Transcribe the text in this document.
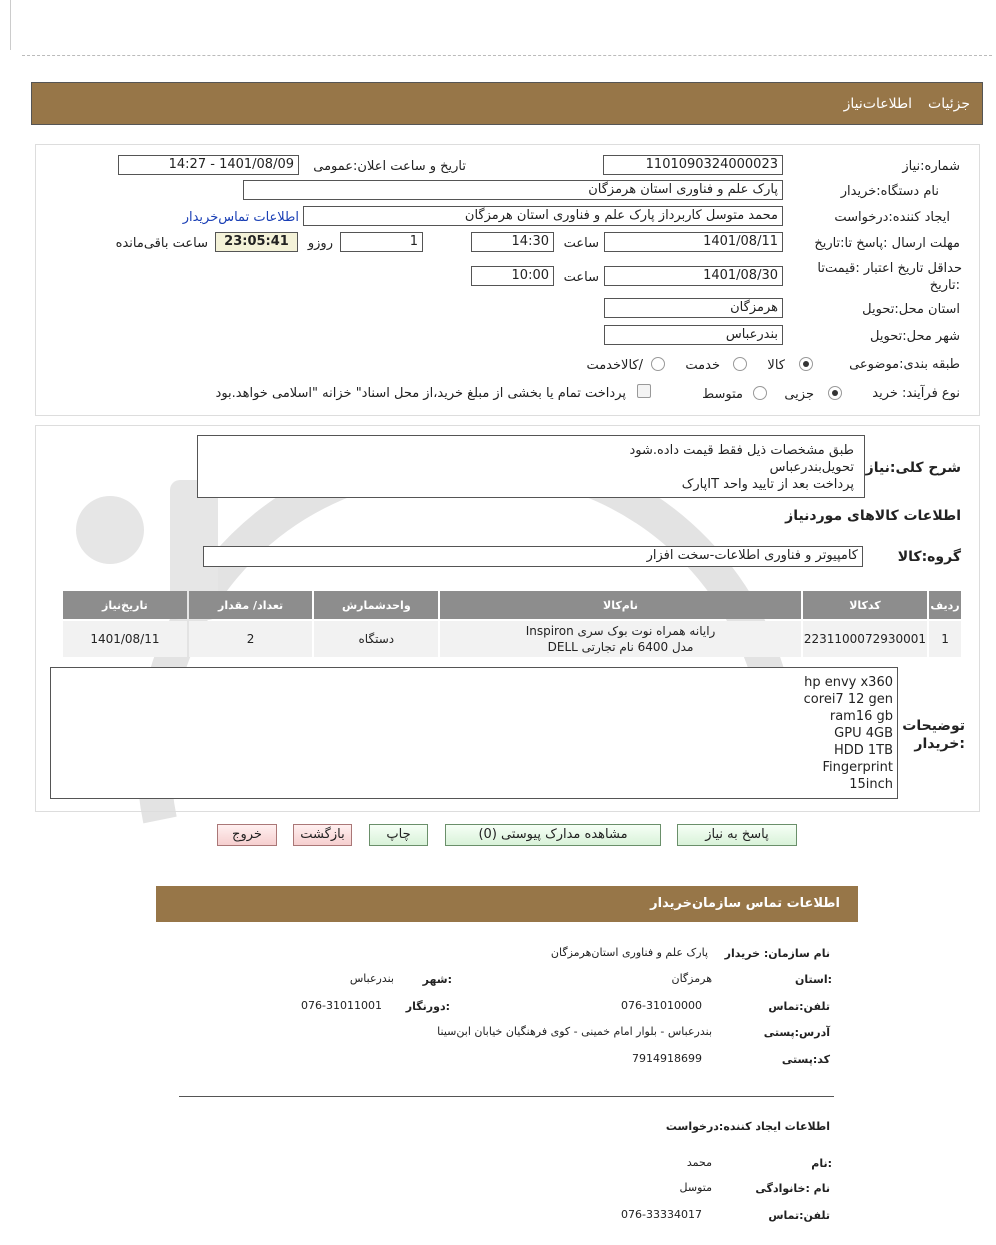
جزئیات
اطلاعات‌نیاز
شماره:نیاز
1101090324000023
تاریخ و ساعت اعلان:عمومی
1401/08/09 - 14:27
نام دستگاه:خریدار
پارک علم و فناوری استان هرمزگان
ایجاد کننده:درخواست
محمد متوسل کاربرداز پارک علم و فناوری استان هرمزگان
اطلاعات تماس‌خریدار
مهلت ارسال :پاسخ تا:تاریخ
1401/08/11
ساعت
14:30
1
روزو
23:05:41
ساعت باقی‌مانده
حداقل تاریخ اعتبار :قیمت‌تا
:تاریخ
1401/08/30
ساعت
10:00
استان محل:تحویل
هرمزگان
شهر محل:تحویل
بندرعباس
طبقه بندی:موضوعی
کالا
خدمت
/کالاخدمت
نوع فرآیند: خرید
جزیی
متوسط
پرداخت تمام یا بخشی از مبلغ خرید،از محل اسناد" خزانه "اسلامی خواهد.بود
شرح کلی:نیاز
طبق مشخصات ذیل فقط قیمت داده.شود
تحویل‌بندرعباس
پرداخت بعد از تایید واحد ITپارک
اطلاعات کالاهای موردنیاز
گروه:کالا
کامپیوتر و فناوری اطلاعات-سخت افزار
ردیف	کدکالا	نام‌کالا	واحدشمارش	تعداد/ مقدار	تاریخ‌نیاز
1	2231100072930001	رایانه همراه نوت بوک سری Inspiron
مدل 6400 نام تجارتی DELL	دستگاه	2	1401/08/11
توضیحات
:خریدار
hp envy x360
corei7 12 gen
ram16 gb
GPU 4GB
HDD 1TB
Fingerprint
15inch
پاسخ به نیاز
مشاهده مدارک پیوستی (0)
چاپ
بازگشت
خروج
اطلاعات تماس سازمان‌خریدار
نام سازمان: خریدار
پارک علم و فناوری استان‌هرمزگان
:استان
هرمزگان
:شهر
بندرعباس
تلفن:تماس
076-31010000
:دورنگار
076-31011001
آدرس:پستی
بندرعباس - بلوار امام خمینی - کوی فرهنگیان خیابان ابن‌سینا
کد:پستی
7914918699
اطلاعات ایجاد کننده:درخواست
:نام
محمد
نام :خانوادگی
متوسل
تلفن:تماس
076-33334017
